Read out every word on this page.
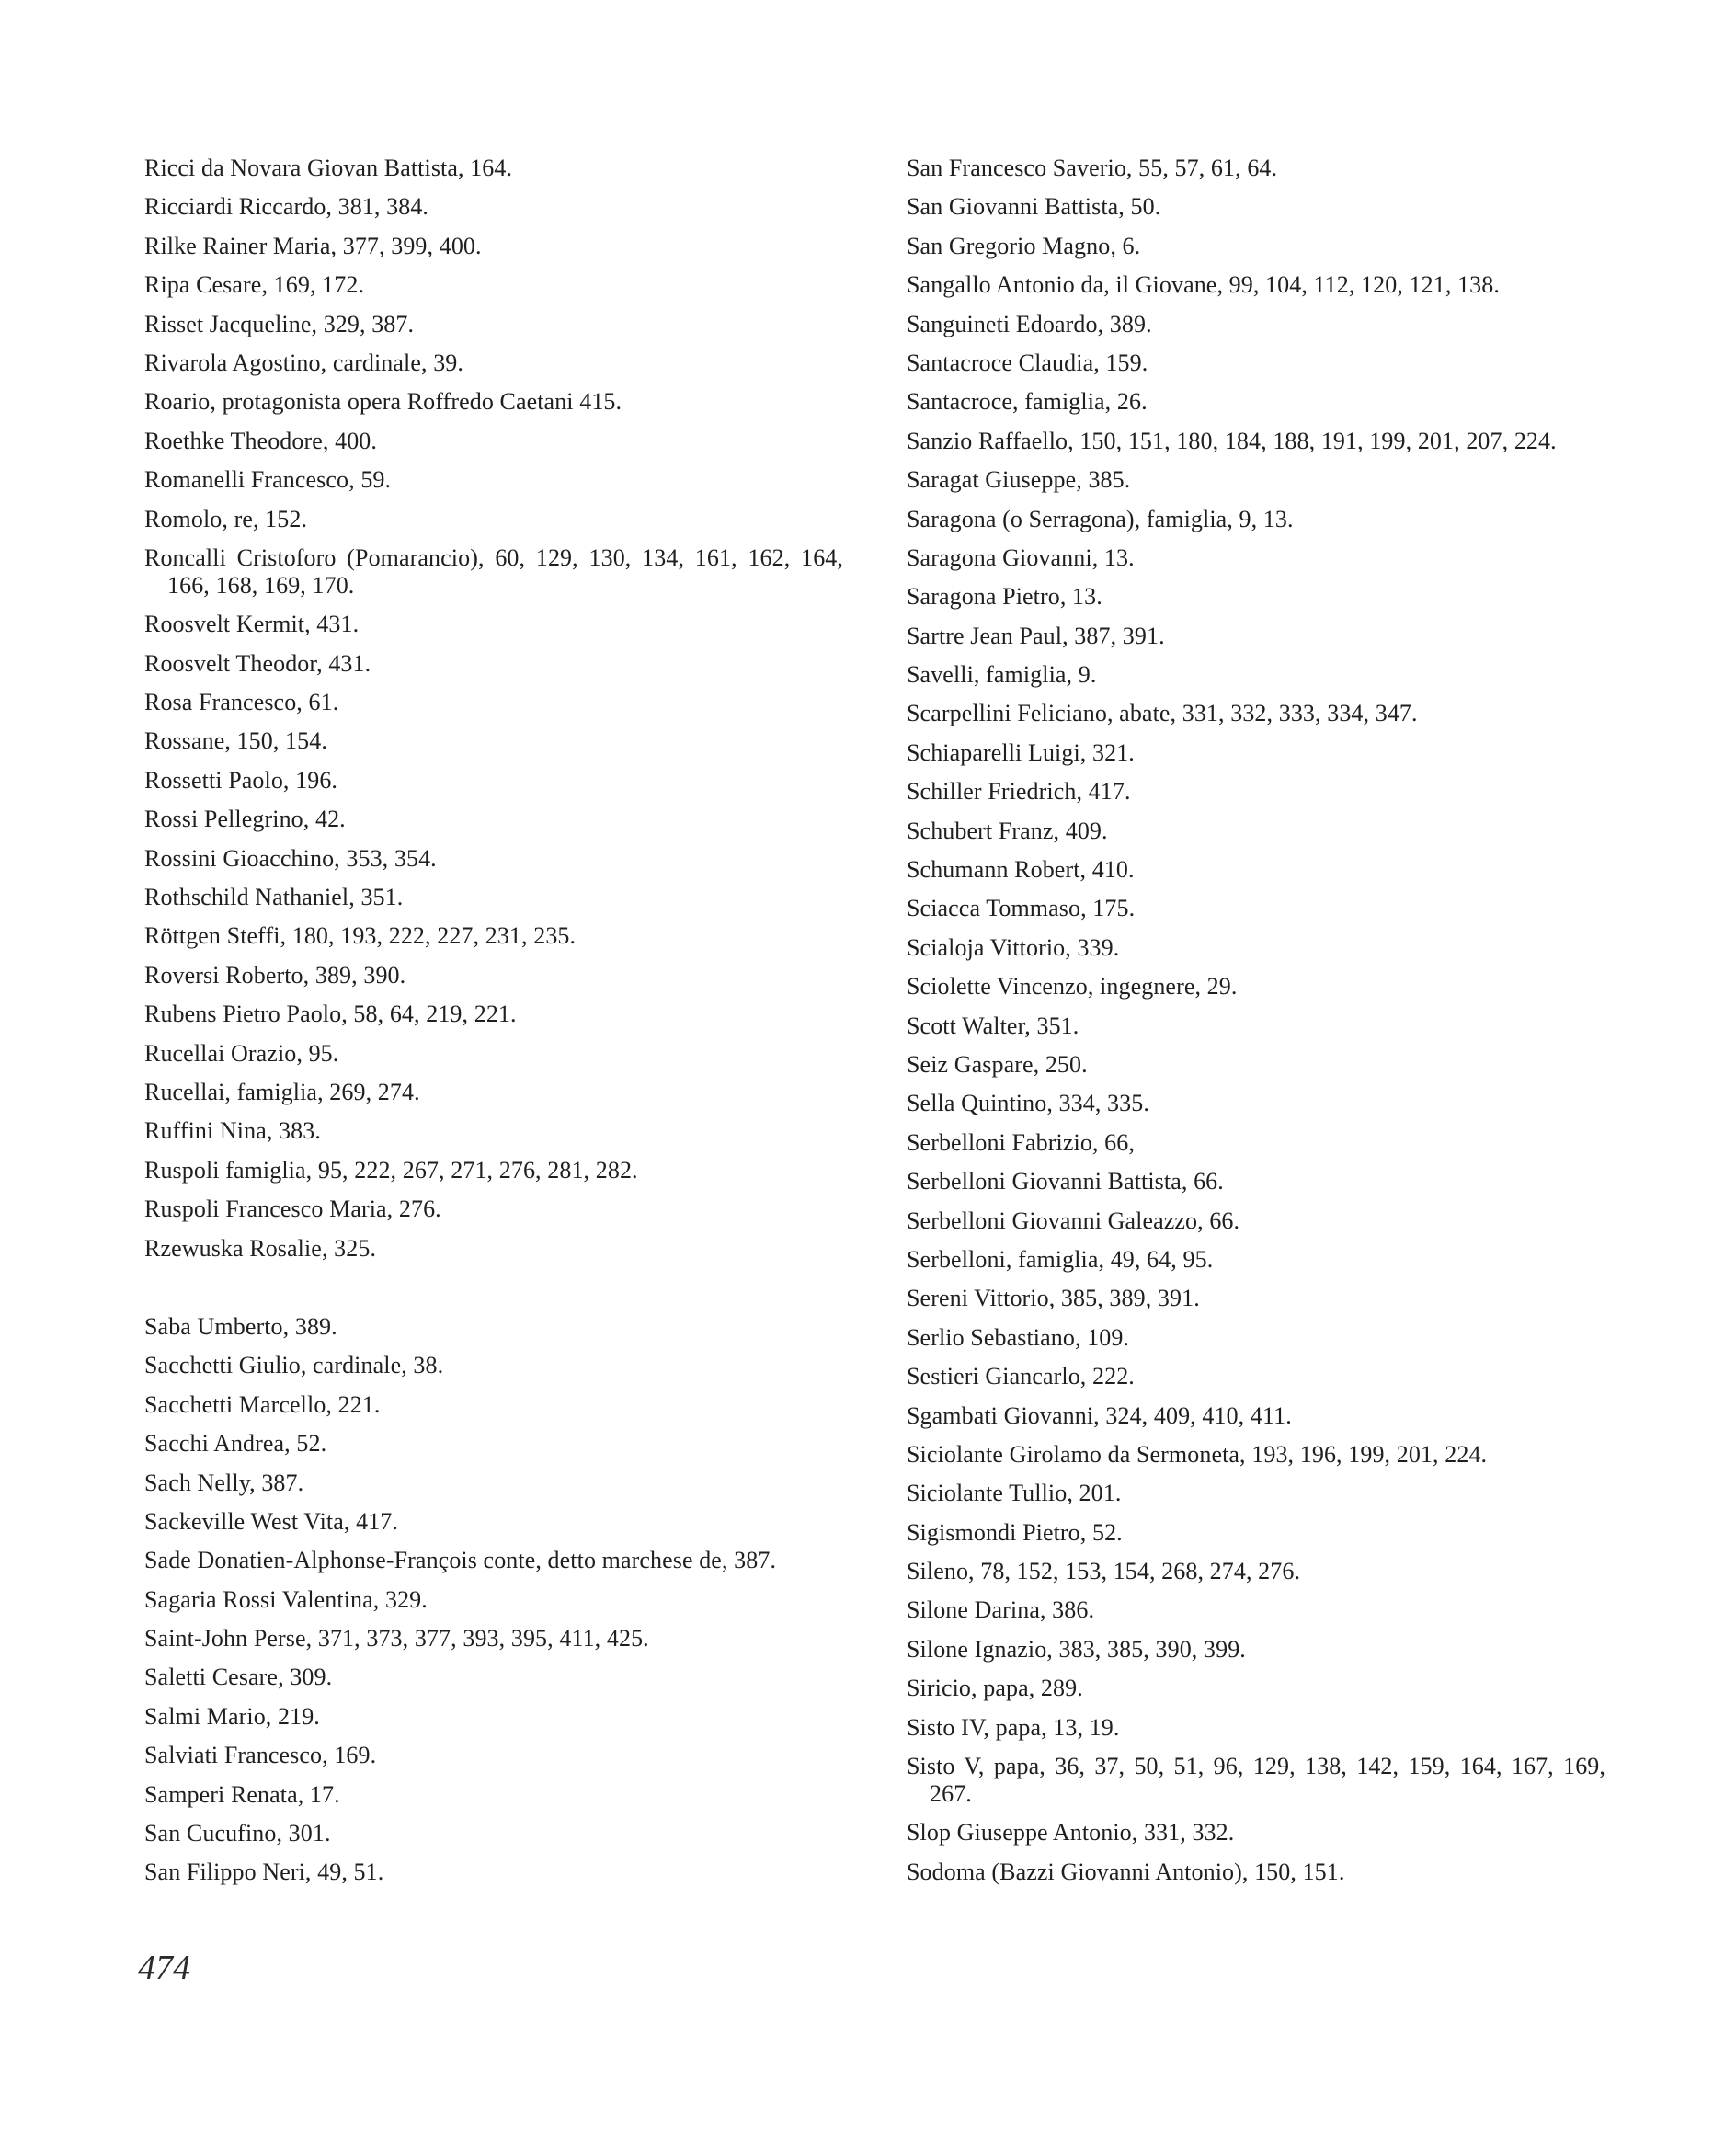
Ricci da Novara Giovan Battista, 164.
Ricciardi Riccardo, 381, 384.
Rilke Rainer Maria, 377, 399, 400.
Ripa Cesare, 169, 172.
Risset Jacqueline, 329, 387.
Rivarola Agostino, cardinale, 39.
Roario, protagonista opera Roffredo Caetani 415.
Roethke Theodore, 400.
Romanelli Francesco, 59.
Romolo, re, 152.
Roncalli Cristoforo (Pomarancio), 60, 129, 130, 134, 161, 162, 164, 166, 168, 169, 170.
Roosvelt Kermit, 431.
Roosvelt Theodor, 431.
Rosa Francesco, 61.
Rossane, 150, 154.
Rossetti Paolo, 196.
Rossi Pellegrino, 42.
Rossini Gioacchino, 353, 354.
Rothschild Nathaniel, 351.
Röttgen Steffi, 180, 193, 222, 227, 231, 235.
Roversi Roberto, 389, 390.
Rubens Pietro Paolo, 58, 64, 219, 221.
Rucellai Orazio, 95.
Rucellai, famiglia, 269, 274.
Ruffini Nina, 383.
Ruspoli famiglia, 95, 222, 267, 271, 276, 281, 282.
Ruspoli Francesco Maria, 276.
Rzewuska Rosalie, 325.
Saba Umberto, 389.
Sacchetti Giulio, cardinale, 38.
Sacchetti Marcello, 221.
Sacchi Andrea, 52.
Sach Nelly, 387.
Sackeville West Vita, 417.
Sade Donatien-Alphonse-François conte, detto marchese de, 387.
Sagaria Rossi Valentina, 329.
Saint-John Perse, 371, 373, 377, 393, 395, 411, 425.
Saletti Cesare, 309.
Salmi Mario, 219.
Salviati Francesco, 169.
Samperi Renata, 17.
San Cucufino, 301.
San Filippo Neri, 49, 51.
San Francesco Saverio, 55, 57, 61, 64.
San Giovanni Battista, 50.
San Gregorio Magno, 6.
Sangallo Antonio da, il Giovane, 99, 104, 112, 120, 121, 138.
Sanguineti Edoardo, 389.
Santacroce Claudia, 159.
Santacroce, famiglia, 26.
Sanzio Raffaello, 150, 151, 180, 184, 188, 191, 199, 201, 207, 224.
Saragat Giuseppe, 385.
Saragona (o Serragona), famiglia, 9, 13.
Saragona Giovanni, 13.
Saragona Pietro, 13.
Sartre Jean Paul, 387, 391.
Savelli, famiglia, 9.
Scarpellini Feliciano, abate, 331, 332, 333, 334, 347.
Schiaparelli Luigi, 321.
Schiller Friedrich, 417.
Schubert Franz, 409.
Schumann Robert, 410.
Sciacca Tommaso, 175.
Scialoja Vittorio, 339.
Sciolette Vincenzo, ingegnere, 29.
Scott Walter, 351.
Seiz Gaspare, 250.
Sella Quintino, 334, 335.
Serbelloni Fabrizio, 66,
Serbelloni Giovanni Battista, 66.
Serbelloni Giovanni Galeazzo, 66.
Serbelloni, famiglia, 49, 64, 95.
Sereni Vittorio, 385, 389, 391.
Serlio Sebastiano, 109.
Sestieri Giancarlo, 222.
Sgambati Giovanni, 324, 409, 410, 411.
Siciolante Girolamo da Sermoneta, 193, 196, 199, 201, 224.
Siciolante Tullio, 201.
Sigismondi Pietro, 52.
Sileno, 78, 152, 153, 154, 268, 274, 276.
Silone Darina, 386.
Silone Ignazio, 383, 385, 390, 399.
Siricio, papa, 289.
Sisto IV, papa, 13, 19.
Sisto V, papa, 36, 37, 50, 51, 96, 129, 138, 142, 159, 164, 167, 169, 267.
Slop Giuseppe Antonio, 331, 332.
Sodoma (Bazzi Giovanni Antonio), 150, 151.
474
